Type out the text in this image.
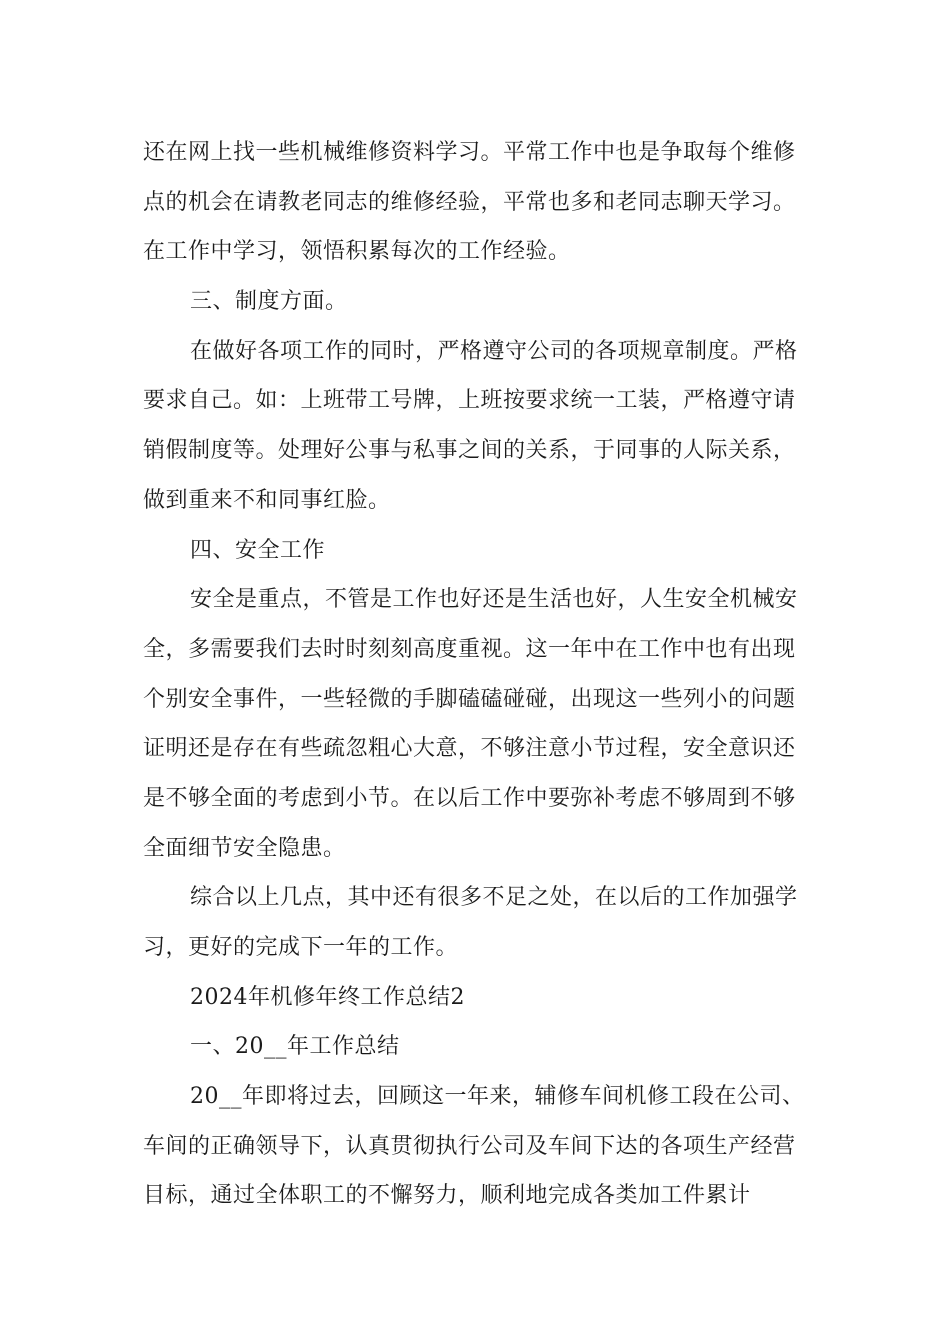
还在网上找一些机械维修资料学习。平常工作中也是争取每个维修
点的机会在请教老同志的维修经验，平常也多和老同志聊天学习。
在工作中学习，领悟积累每次的工作经验。
三、制度方面。
在做好各项工作的同时，严格遵守公司的各项规章制度。严格
要求自己。如：上班带工号牌，上班按要求统一工装，严格遵守请
销假制度等。处理好公事与私事之间的关系，于同事的人际关系，
做到重来不和同事红脸。
四、安全工作
安全是重点，不管是工作也好还是生活也好，人生安全机械安
全，多需要我们去时时刻刻高度重视。这一年中在工作中也有出现
个别安全事件，一些轻微的手脚磕磕碰碰，出现这一些列小的问题
证明还是存在有些疏忽粗心大意，不够注意小节过程，安全意识还
是不够全面的考虑到小节。在以后工作中要弥补考虑不够周到不够
全面细节安全隐患。
综合以上几点，其中还有很多不足之处，在以后的工作加强学
习，更好的完成下一年的工作。
2024年机修年终工作总结2
一、20__年工作总结
20__年即将过去，回顾这一年来，辅修车间机修工段在公司、
车间的正确领导下，认真贯彻执行公司及车间下达的各项生产经营
目标，通过全体职工的不懈努力，顺利地完成各类加工件累计
